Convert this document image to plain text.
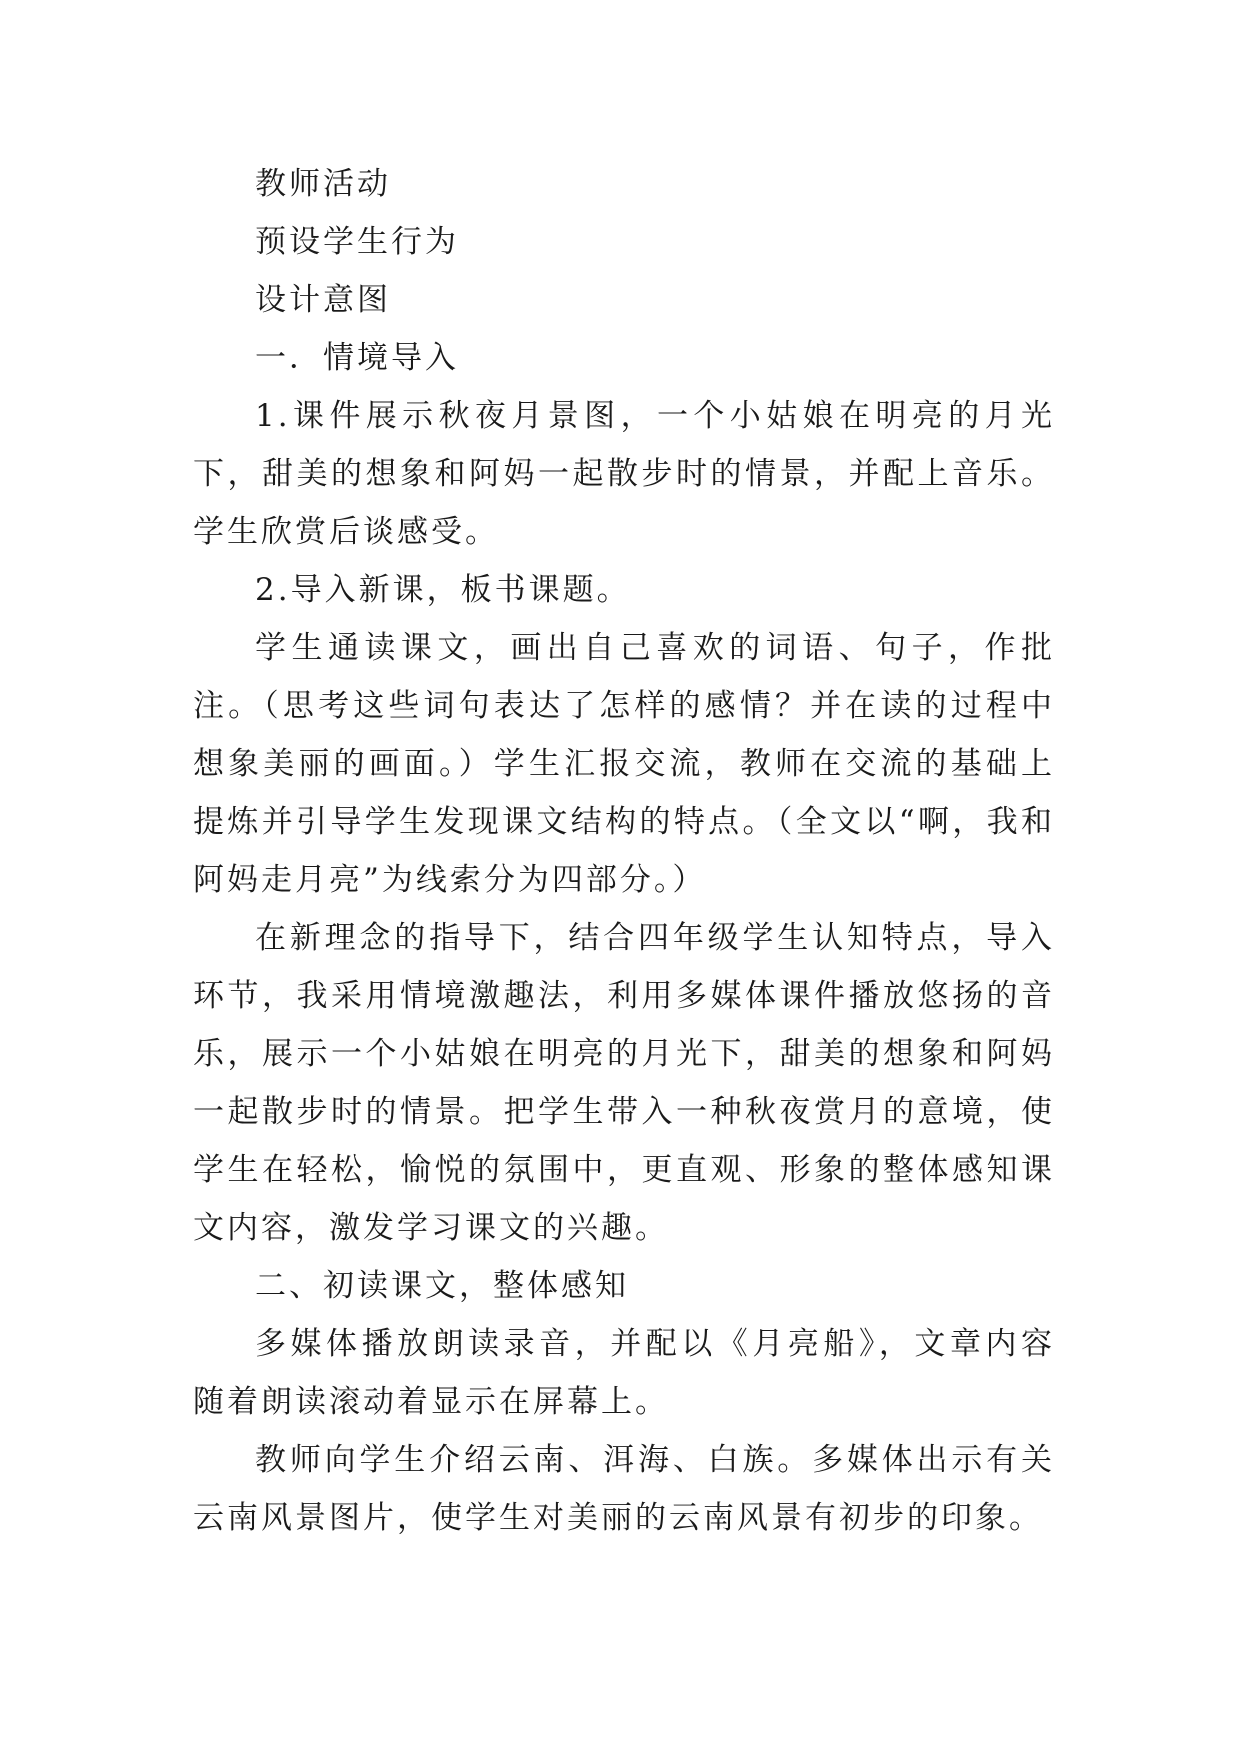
教师活动

预设学生行为

设计意图

一．情境导入

1.课件展示秋夜月景图，一个小姑娘在明亮的月光下，甜美的想象和阿妈一起散步时的情景，并配上音乐。学生欣赏后谈感受。

2.导入新课，板书课题。

学生通读课文，画出自己喜欢的词语、句子，作批注。（思考这些词句表达了怎样的感情？并在读的过程中想象美丽的画面。）学生汇报交流，教师在交流的基础上提炼并引导学生发现课文结构的特点。（全文以“啊，我和阿妈走月亮”为线索分为四部分。）

在新理念的指导下，结合四年级学生认知特点，导入环节，我采用情境激趣法，利用多媒体课件播放悠扬的音乐，展示一个小姑娘在明亮的月光下，甜美的想象和阿妈一起散步时的情景。把学生带入一种秋夜赏月的意境，使学生在轻松，愉悦的氛围中，更直观、形象的整体感知课文内容，激发学习课文的兴趣。

二、初读课文，整体感知

多媒体播放朗读录音，并配以《月亮船》，文章内容随着朗读滚动着显示在屏幕上。

教师向学生介绍云南、洱海、白族。多媒体出示有关云南风景图片，使学生对美丽的云南风景有初步的印象。
